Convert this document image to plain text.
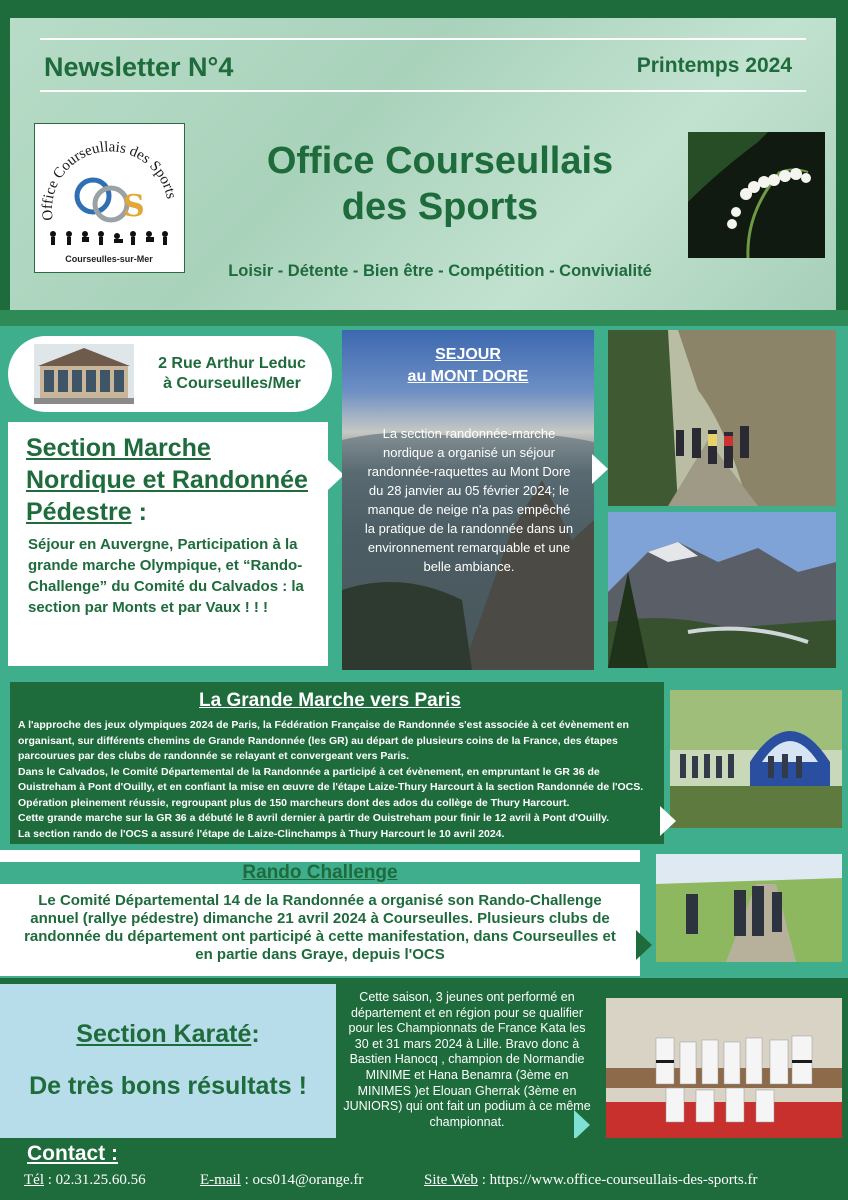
Newsletter N°4	Printemps 2024
Office Courseullais des Sports
S
Courseulles-sur-Mer
Office Courseullais
des Sports
Loisir - Détente - Bien être - Compétition - Convivialité
2 Rue Arthur Leduc
à Courseulles/Mer
Section Marche Nordique et Randonnée Pédestre :
Séjour en Auvergne, Participation à la grande marche Olympique, et “Rando-Challenge” du Comité du Calvados : la section par Monts et par Vaux ! ! !
SEJOUR
au MONT DORE
La section randonnée-marche nordique a organisé un séjour randonnée-raquettes au Mont Dore du 28 janvier au 05 février 2024; le manque de neige n'a pas empêché la pratique de la randonnée dans un environnement remarquable et une belle ambiance.
La Grande Marche vers Paris
A l'approche des jeux olympiques 2024 de Paris, la Fédération Française de Randonnée s'est associée à cet évènement en organisant, sur différents chemins de Grande Randonnée (les GR) au départ de plusieurs coins de la France, des étapes parcourues par des clubs de randonnée se relayant et convergeant vers Paris.
Dans le Calvados, le Comité Départemental de la Randonnée a participé à cet évènement, en empruntant le GR 36 de Ouistreham à Pont d'Ouilly, et en confiant la mise en œuvre de l'étape Laize-Thury Harcourt à la section Randonnée de l'OCS. Opération pleinement réussie, regroupant plus de 150 marcheurs dont des ados du collège de Thury Harcourt.
Cette grande marche sur la GR 36 a débuté le 8 avril dernier à partir de Ouistreham pour finir le 12 avril à Pont d'Ouilly.
La section rando de l'OCS a assuré l'étape de Laize-Clinchamps à Thury Harcourt le 10 avril 2024.
Rando Challenge
Le Comité Départemental 14 de la Randonnée a organisé son Rando-Challenge annuel (rallye pédestre) dimanche 21 avril 2024 à Courseulles. Plusieurs clubs de randonnée du département ont participé à cette manifestation, dans Courseulles et en partie dans Graye, depuis l'OCS
Section Karaté:
De très bons résultats !
Cette saison, 3 jeunes ont performé en département et en région pour se qualifier pour les Championnats de France Kata les 30 et 31 mars 2024 à Lille. Bravo donc à Bastien Hanocq , champion de Normandie MINIME et Hana Benamra (3ème en MINIMES )et Elouan Gherrak (3ème en JUNIORS) qui ont fait un podium à ce même championnat.
Contact :
Tél : 02.31.25.60.56	E-mail : ocs014@orange.fr	Site Web : https://www.office-courseullais-des-sports.fr
